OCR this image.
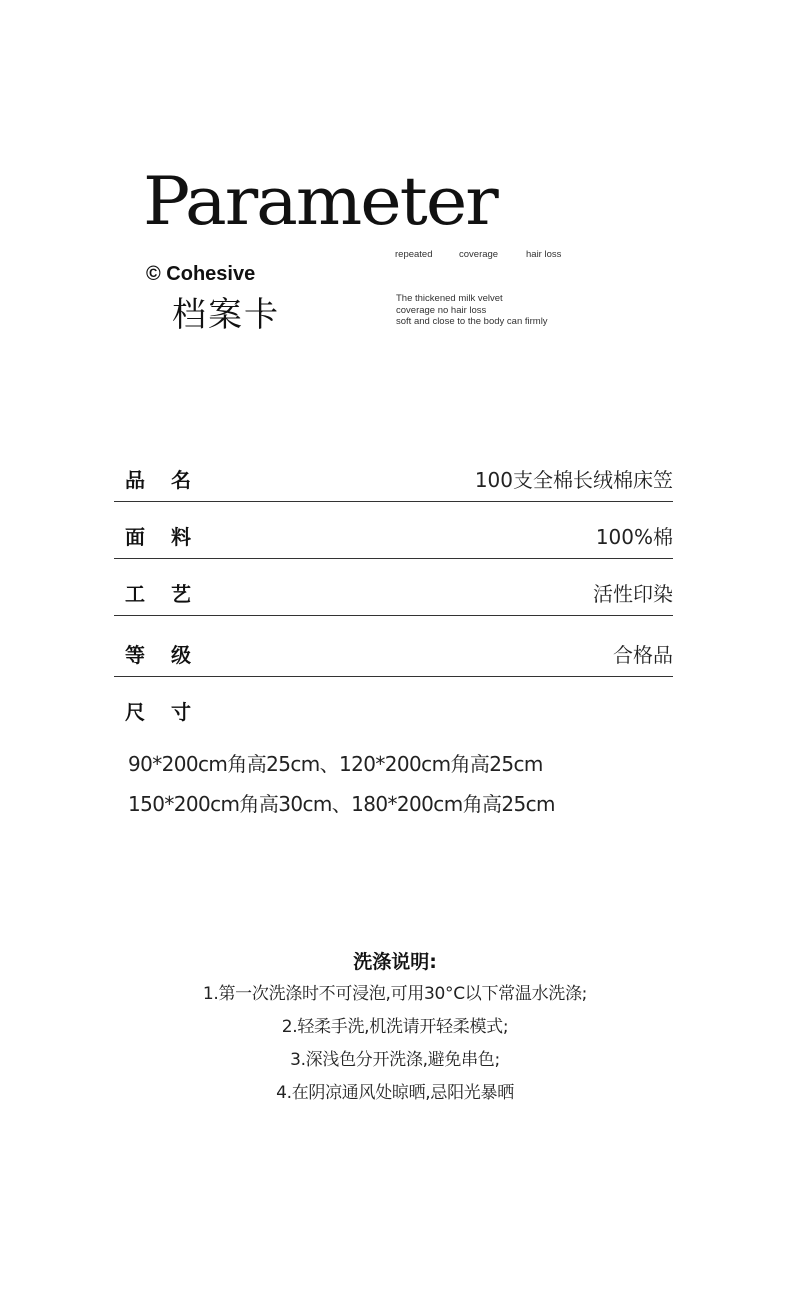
Parameter
repeated	coverage	hair loss
© Cohesive
档案卡	The thickened milk velvet
coverage no hair loss
soft and close to the body can firmly
品名	100支全棉长绒棉床笠
面料	100%棉
工艺	活性印染
等级	合格品
尺寸
90*200cm角高25cm、120*200cm角高25cm
150*200cm角高30cm、180*200cm角高25cm
洗涤说明:
1.第一次洗涤时不可浸泡,可用30°C以下常温水洗涤;
2.轻柔手洗,机洗请开轻柔模式;
3.深浅色分开洗涤,避免串色;
4.在阴凉通风处晾晒,忌阳光暴晒
